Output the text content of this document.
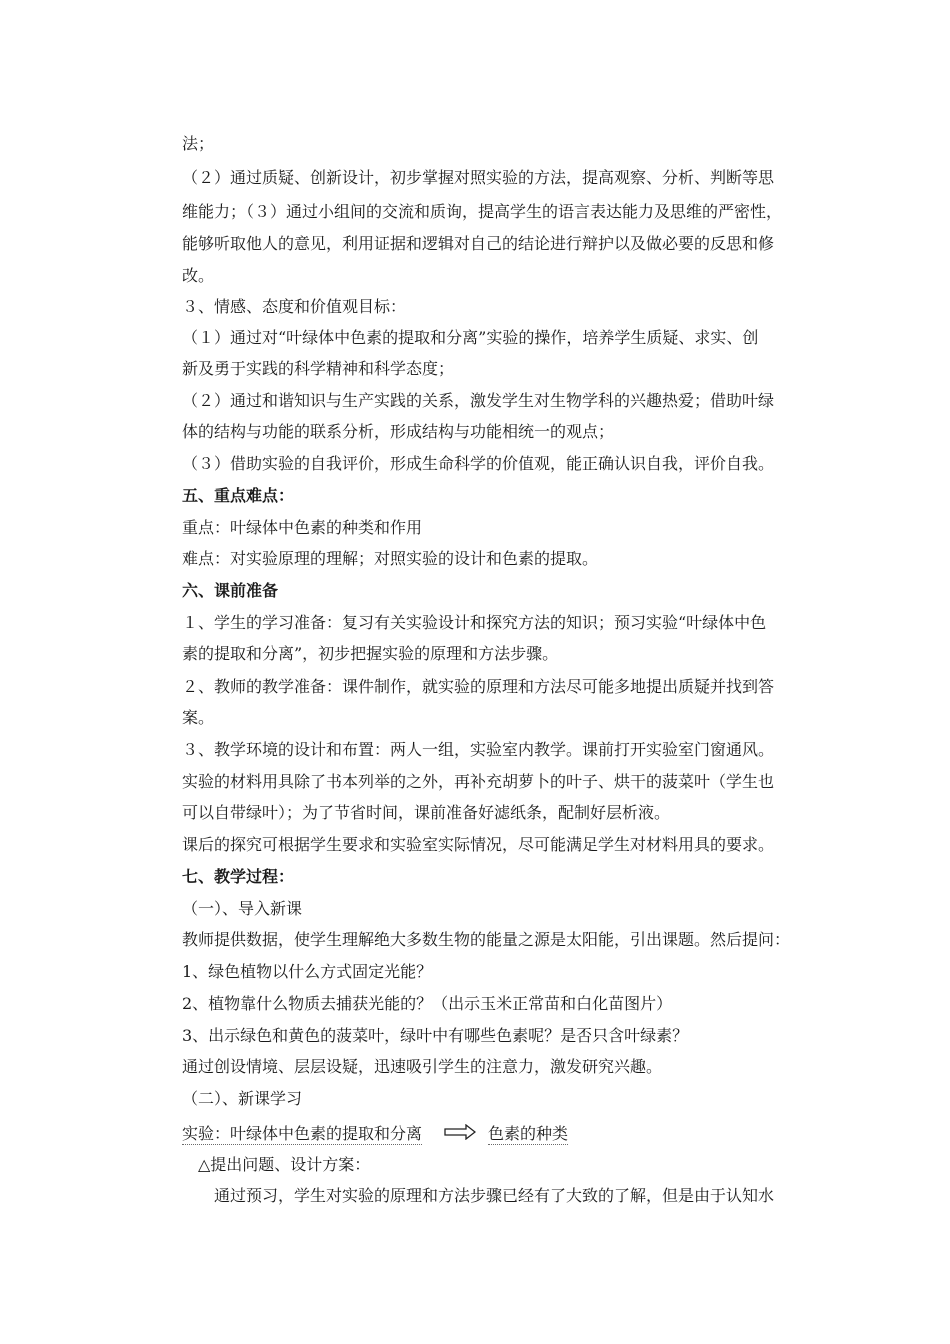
法；
（２）通过质疑、创新设计，初步掌握对照实验的方法，提高观察、分析、判断等思
维能力；（３）通过小组间的交流和质询，提高学生的语言表达能力及思维的严密性，
能够听取他人的意见，利用证据和逻辑对自己的结论进行辩护以及做必要的反思和修
改。
３、情感、态度和价值观目标：
（１）通过对“叶绿体中色素的提取和分离”实验的操作，培养学生质疑、求实、创
新及勇于实践的科学精神和科学态度；
（２）通过和谐知识与生产实践的关系，激发学生对生物学科的兴趣热爱；借助叶绿
体的结构与功能的联系分析，形成结构与功能相统一的观点；
（３）借助实验的自我评价，形成生命科学的价值观，能正确认识自我，评价自我。
五、重点难点：
重点：叶绿体中色素的种类和作用
难点：对实验原理的理解；对照实验的设计和色素的提取。
六、课前准备
１、学生的学习准备：复习有关实验设计和探究方法的知识；预习实验“叶绿体中色
素的提取和分离”，初步把握实验的原理和方法步骤。
２、教师的教学准备：课件制作，就实验的原理和方法尽可能多地提出质疑并找到答
案。
３、教学环境的设计和布置：两人一组，实验室内教学。课前打开实验室门窗通风。
实验的材料用具除了书本列举的之外，再补充胡萝卜的叶子、烘干的菠菜叶（学生也
可以自带绿叶）；为了节省时间，课前准备好滤纸条，配制好层析液。
课后的探究可根据学生要求和实验室实际情况，尽可能满足学生对材料用具的要求。
七、教学过程：
（一）、导入新课
教师提供数据，使学生理解绝大多数生物的能量之源是太阳能，引出课题。然后提问：
1、绿色植物以什么方式固定光能？
2、植物靠什么物质去捕获光能的？（出示玉米正常苗和白化苗图片）
3、出示绿色和黄色的菠菜叶，绿叶中有哪些色素呢？是否只含叶绿素？
通过创设情境、层层设疑，迅速吸引学生的注意力，激发研究兴趣。
（二）、新课学习
实验：叶绿体中色素的提取和分离	色素的种类
△提出问题、设计方案：
通过预习，学生对实验的原理和方法步骤已经有了大致的了解，但是由于认知水
